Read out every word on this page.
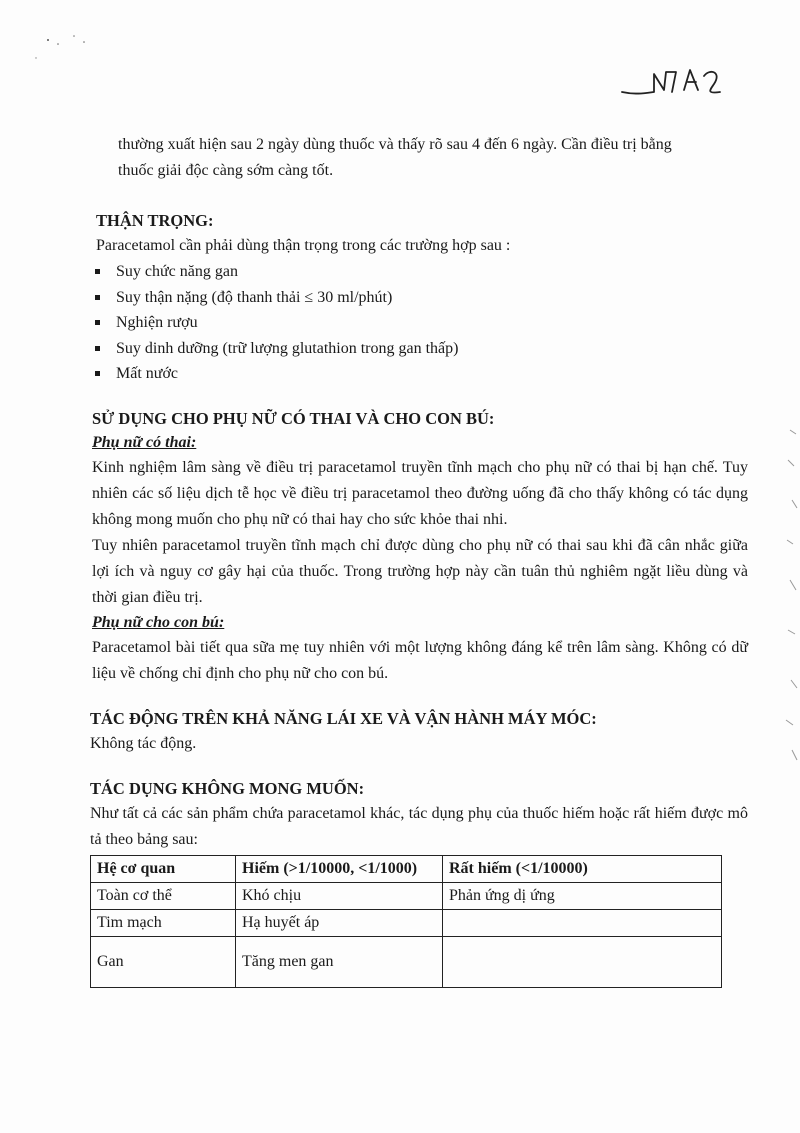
thường xuất hiện sau 2 ngày dùng thuốc và thấy rõ sau 4 đến 6 ngày. Cần điều trị bằng

thuốc giải độc càng sớm càng tốt.

THẬN TRỌNG:

Paracetamol cần phải dùng thận trọng trong các trường hợp sau :

Suy chức năng gan
Suy thận nặng (độ thanh thải ≤ 30 ml/phút)
Nghiện rượu
Suy dinh dưỡng (trữ lượng glutathion trong gan thấp)
Mất nước
SỬ DỤNG CHO PHỤ NỮ CÓ THAI VÀ CHO CON BÚ:
Phụ nữ có thai:

Kinh nghiệm lâm sàng về điều trị paracetamol truyền tĩnh mạch cho phụ nữ có thai bị hạn chế. Tuy nhiên các số liệu dịch tễ học về điều trị paracetamol theo đường uống đã cho thấy không có tác dụng không mong muốn cho phụ nữ có thai hay cho sức khỏe thai nhi.

Tuy nhiên paracetamol truyền tĩnh mạch chỉ được dùng cho phụ nữ có thai sau khi đã cân nhắc giữa lợi ích và nguy cơ gây hại của thuốc. Trong trường hợp này cần tuân thủ nghiêm ngặt liều dùng và thời gian điều trị.

Phụ nữ cho con bú:

Paracetamol bài tiết qua sữa mẹ tuy nhiên với một lượng không đáng kể trên lâm sàng. Không có dữ liệu về chống chỉ định cho phụ nữ cho con bú.

TÁC ĐỘNG TRÊN KHẢ NĂNG LÁI XE VÀ VẬN HÀNH MÁY MÓC:

Không tác động.

TÁC DỤNG KHÔNG MONG MUỐN:

Như tất cả các sản phẩm chứa paracetamol khác, tác dụng phụ của thuốc hiếm hoặc rất hiếm được mô tả theo bảng sau:

Hệ cơ quan	Hiếm (>1/10000, <1/1000)	Rất hiếm (<1/10000)
Toàn cơ thể	Khó chịu	Phản ứng dị ứng
Tim mạch	Hạ huyết áp	
Gan	Tăng men gan	
